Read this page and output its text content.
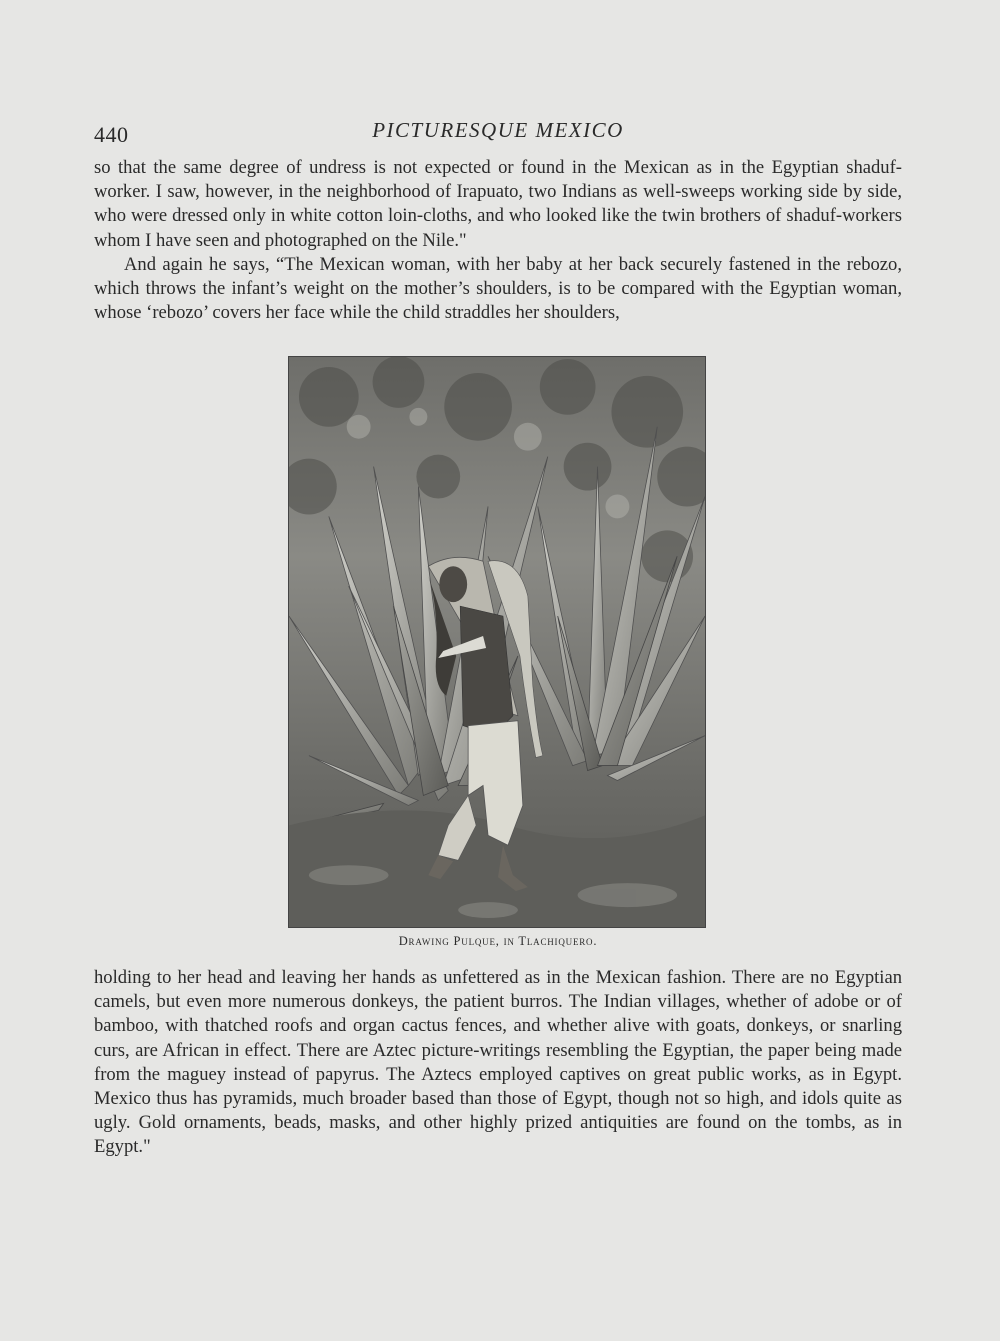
440	PICTURESQUE MEXICO

so that the same degree of undress is not expected or found in the Mexican as in the Egyptian shaduf-worker. I saw, however, in the neighborhood of Irapuato, two Indians as well-sweeps working side by side, who were dressed only in white cotton loin-cloths, and who looked like the twin brothers of shaduf-workers whom I have seen and photographed on the Nile."

And again he says, “The Mexican woman, with her baby at her back securely fastened in the rebozo, which throws the infant’s weight on the mother’s shoulders, is to be compared with the Egyptian woman, whose ‘rebozo’ covers her face while the child straddles her shoulders,

Drawing Pulque, in Tlachiquero.

holding to her head and leaving her hands as unfettered as in the Mexican fashion. There are no Egyptian camels, but even more numerous donkeys, the patient burros. The Indian villages, whether of adobe or of bamboo, with thatched roofs and organ cactus fences, and whether alive with goats, donkeys, or snarling curs, are African in effect. There are Aztec picture-writings resembling the Egyptian, the paper being made from the maguey instead of papyrus. The Aztecs employed captives on great public works, as in Egypt. Mexico thus has pyramids, much broader based than those of Egypt, though not so high, and idols quite as ugly. Gold ornaments, beads, masks, and other highly prized antiquities are found on the tombs, as in Egypt."
